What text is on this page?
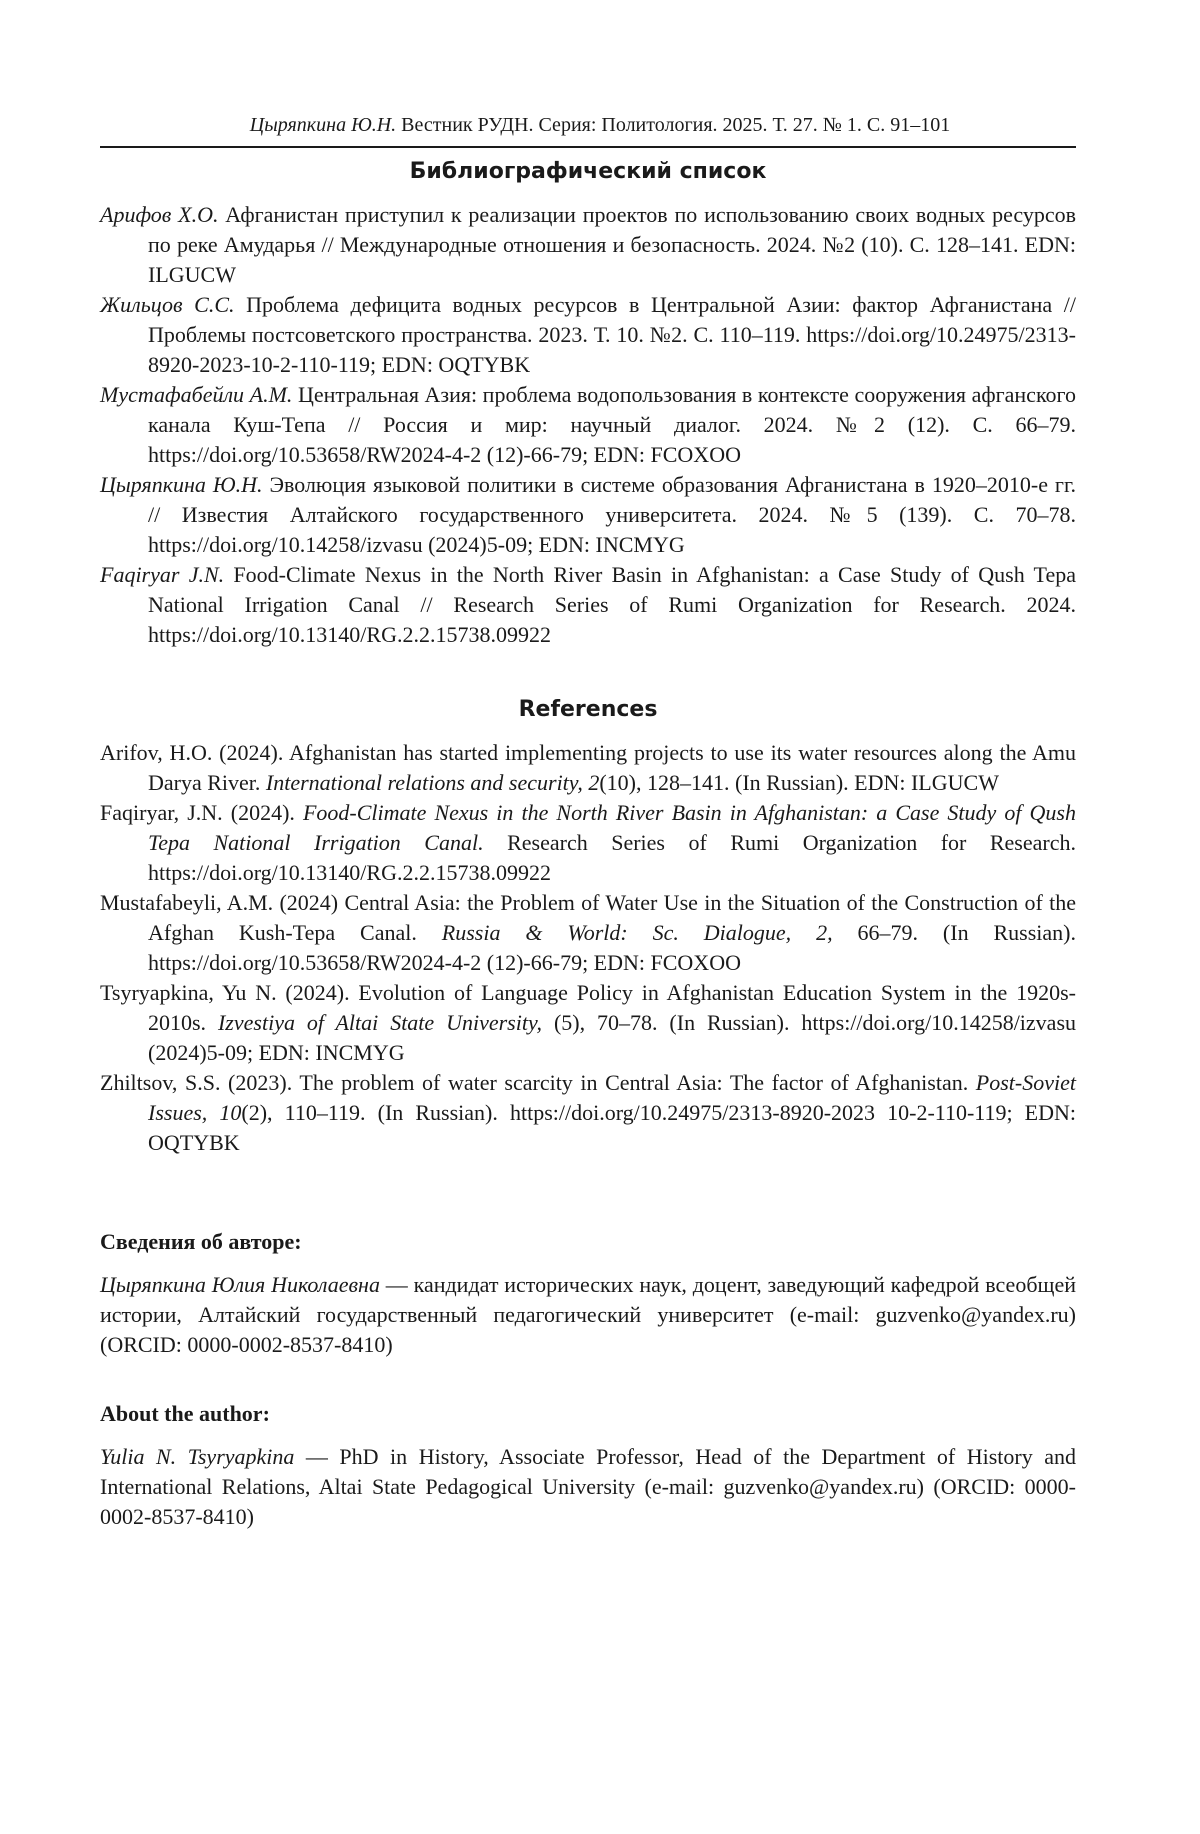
Цыряпкина Ю.Н. Вестник РУДН. Серия: Политология. 2025. Т. 27. № 1. С. 91–101
Библиографический список
Арифов Х.О. Афганистан приступил к реализации проектов по использованию своих водных ресурсов по реке Амударья // Международные отношения и безопасность. 2024. №2 (10). С. 128–141. EDN: ILGUCW
Жильцов С.С. Проблема дефицита водных ресурсов в Центральной Азии: фактор Афганистана // Проблемы постсоветского пространства. 2023. Т. 10. №2. С. 110–119. https://doi.org/10.24975/2313-8920-2023-10-2-110-119; EDN: OQTYBK
Мустафабейли А.М. Центральная Азия: проблема водопользования в контексте сооружения афганского канала Куш-Тепа // Россия и мир: научный диалог. 2024. №2 (12). С. 66–79. https://doi.org/10.53658/RW2024-4-2 (12)-66-79; EDN: FCOXOO
Цыряпкина Ю.Н. Эволюция языковой политики в системе образования Афганистана в 1920–2010-е гг. // Известия Алтайского государственного университета. 2024. №5 (139). С. 70–78. https://doi.org/10.14258/izvasu (2024)5-09; EDN: INCMYG
Faqiryar J.N. Food-Climate Nexus in the North River Basin in Afghanistan: a Case Study of Qush Tepa National Irrigation Canal // Research Series of Rumi Organization for Research. 2024. https://doi.org/10.13140/RG.2.2.15738.09922
References
Arifov, H.O. (2024). Afghanistan has started implementing projects to use its water resources along the Amu Darya River. International relations and security, 2(10), 128–141. (In Russian). EDN: ILGUCW
Faqiryar, J.N. (2024). Food-Climate Nexus in the North River Basin in Afghanistan: a Case Study of Qush Tepa National Irrigation Canal. Research Series of Rumi Organization for Research. https://doi.org/10.13140/RG.2.2.15738.09922
Mustafabeyli, A.M. (2024) Central Asia: the Problem of Water Use in the Situation of the Construction of the Afghan Kush-Tepa Canal. Russia & World: Sc. Dialogue, 2, 66–79. (In Russian). https://doi.org/10.53658/RW2024-4-2 (12)-66-79; EDN: FCOXOO
Tsyryapkina, Yu N. (2024). Evolution of Language Policy in Afghanistan Education System in the 1920s-2010s. Izvestiya of Altai State University, (5), 70–78. (In Russian). https://doi.org/10.14258/izvasu (2024)5-09; EDN: INCMYG
Zhiltsov, S.S. (2023). The problem of water scarcity in Central Asia: The factor of Afghanistan. Post-Soviet Issues, 10(2), 110–119. (In Russian). https://doi.org/10.24975/2313-8920-2023 10-2-110-119; EDN: OQTYBK
Сведения об авторе:

Цыряпкина Юлия Николаевна — кандидат исторических наук, доцент, заведующий кафедрой всеобщей истории, Алтайский государственный педагогический университет (e-mail: guzvenko@yandex.ru) (ORCID: 0000-0002-8537-8410)

About the author:

Yulia N. Tsyryapkina — PhD in History, Associate Professor, Head of the Department of History and International Relations, Altai State Pedagogical University (e-mail: guzvenko@yandex.ru) (ORCID: 0000-0002-8537-8410)
